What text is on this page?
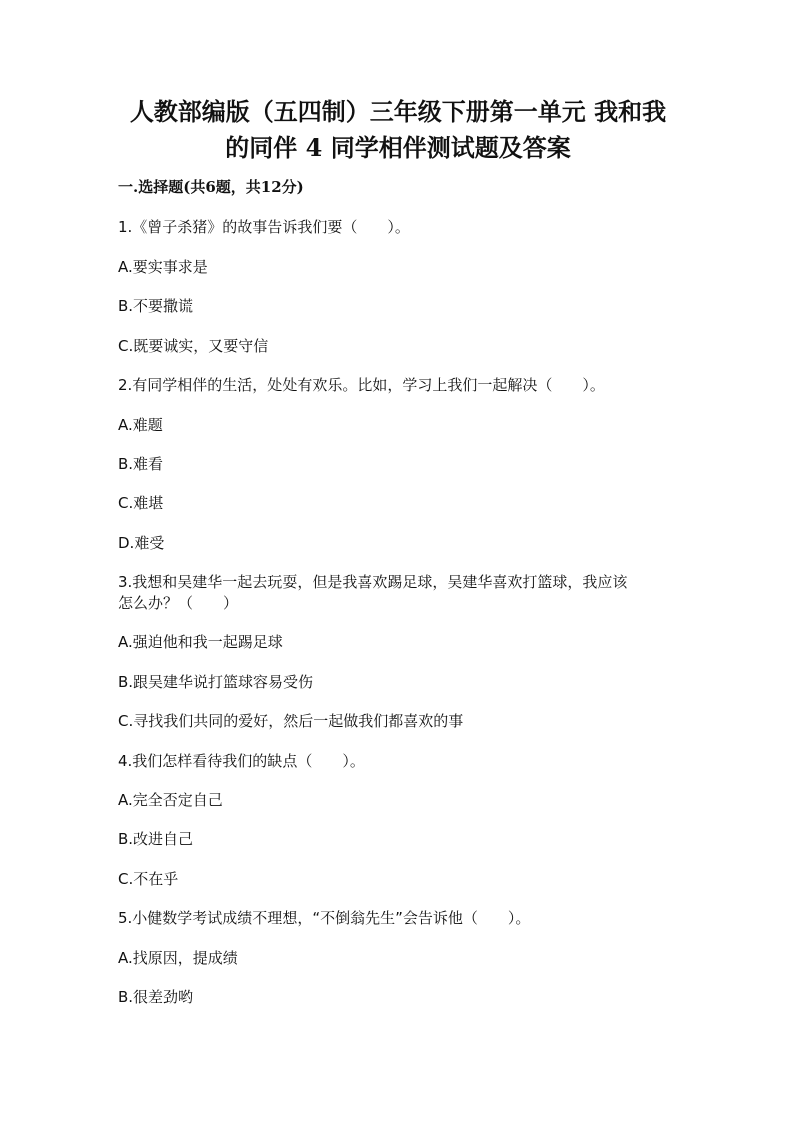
人教部编版（五四制）三年级下册第一单元 我和我
的同伴 4 同学相伴测试题及答案

一.选择题(共6题，共12分)

1.《曾子杀猪》的故事告诉我们要（　　）。

A.要实事求是

B.不要撒谎

C.既要诚实，又要守信

2.有同学相伴的生活，处处有欢乐。比如，学习上我们一起解决（　　）。

A.难题

B.难看

C.难堪

D.难受

3.我想和吴建华一起去玩耍，但是我喜欢踢足球，吴建华喜欢打篮球，我应该

怎么办？（　　）

A.强迫他和我一起踢足球

B.跟吴建华说打篮球容易受伤

C.寻找我们共同的爱好，然后一起做我们都喜欢的事

4.我们怎样看待我们的缺点（　　）。

A.完全否定自己

B.改进自己

C.不在乎

5.小健数学考试成绩不理想，“不倒翁先生”会告诉他（　　）。

A.找原因，提成绩

B.很差劲哟
